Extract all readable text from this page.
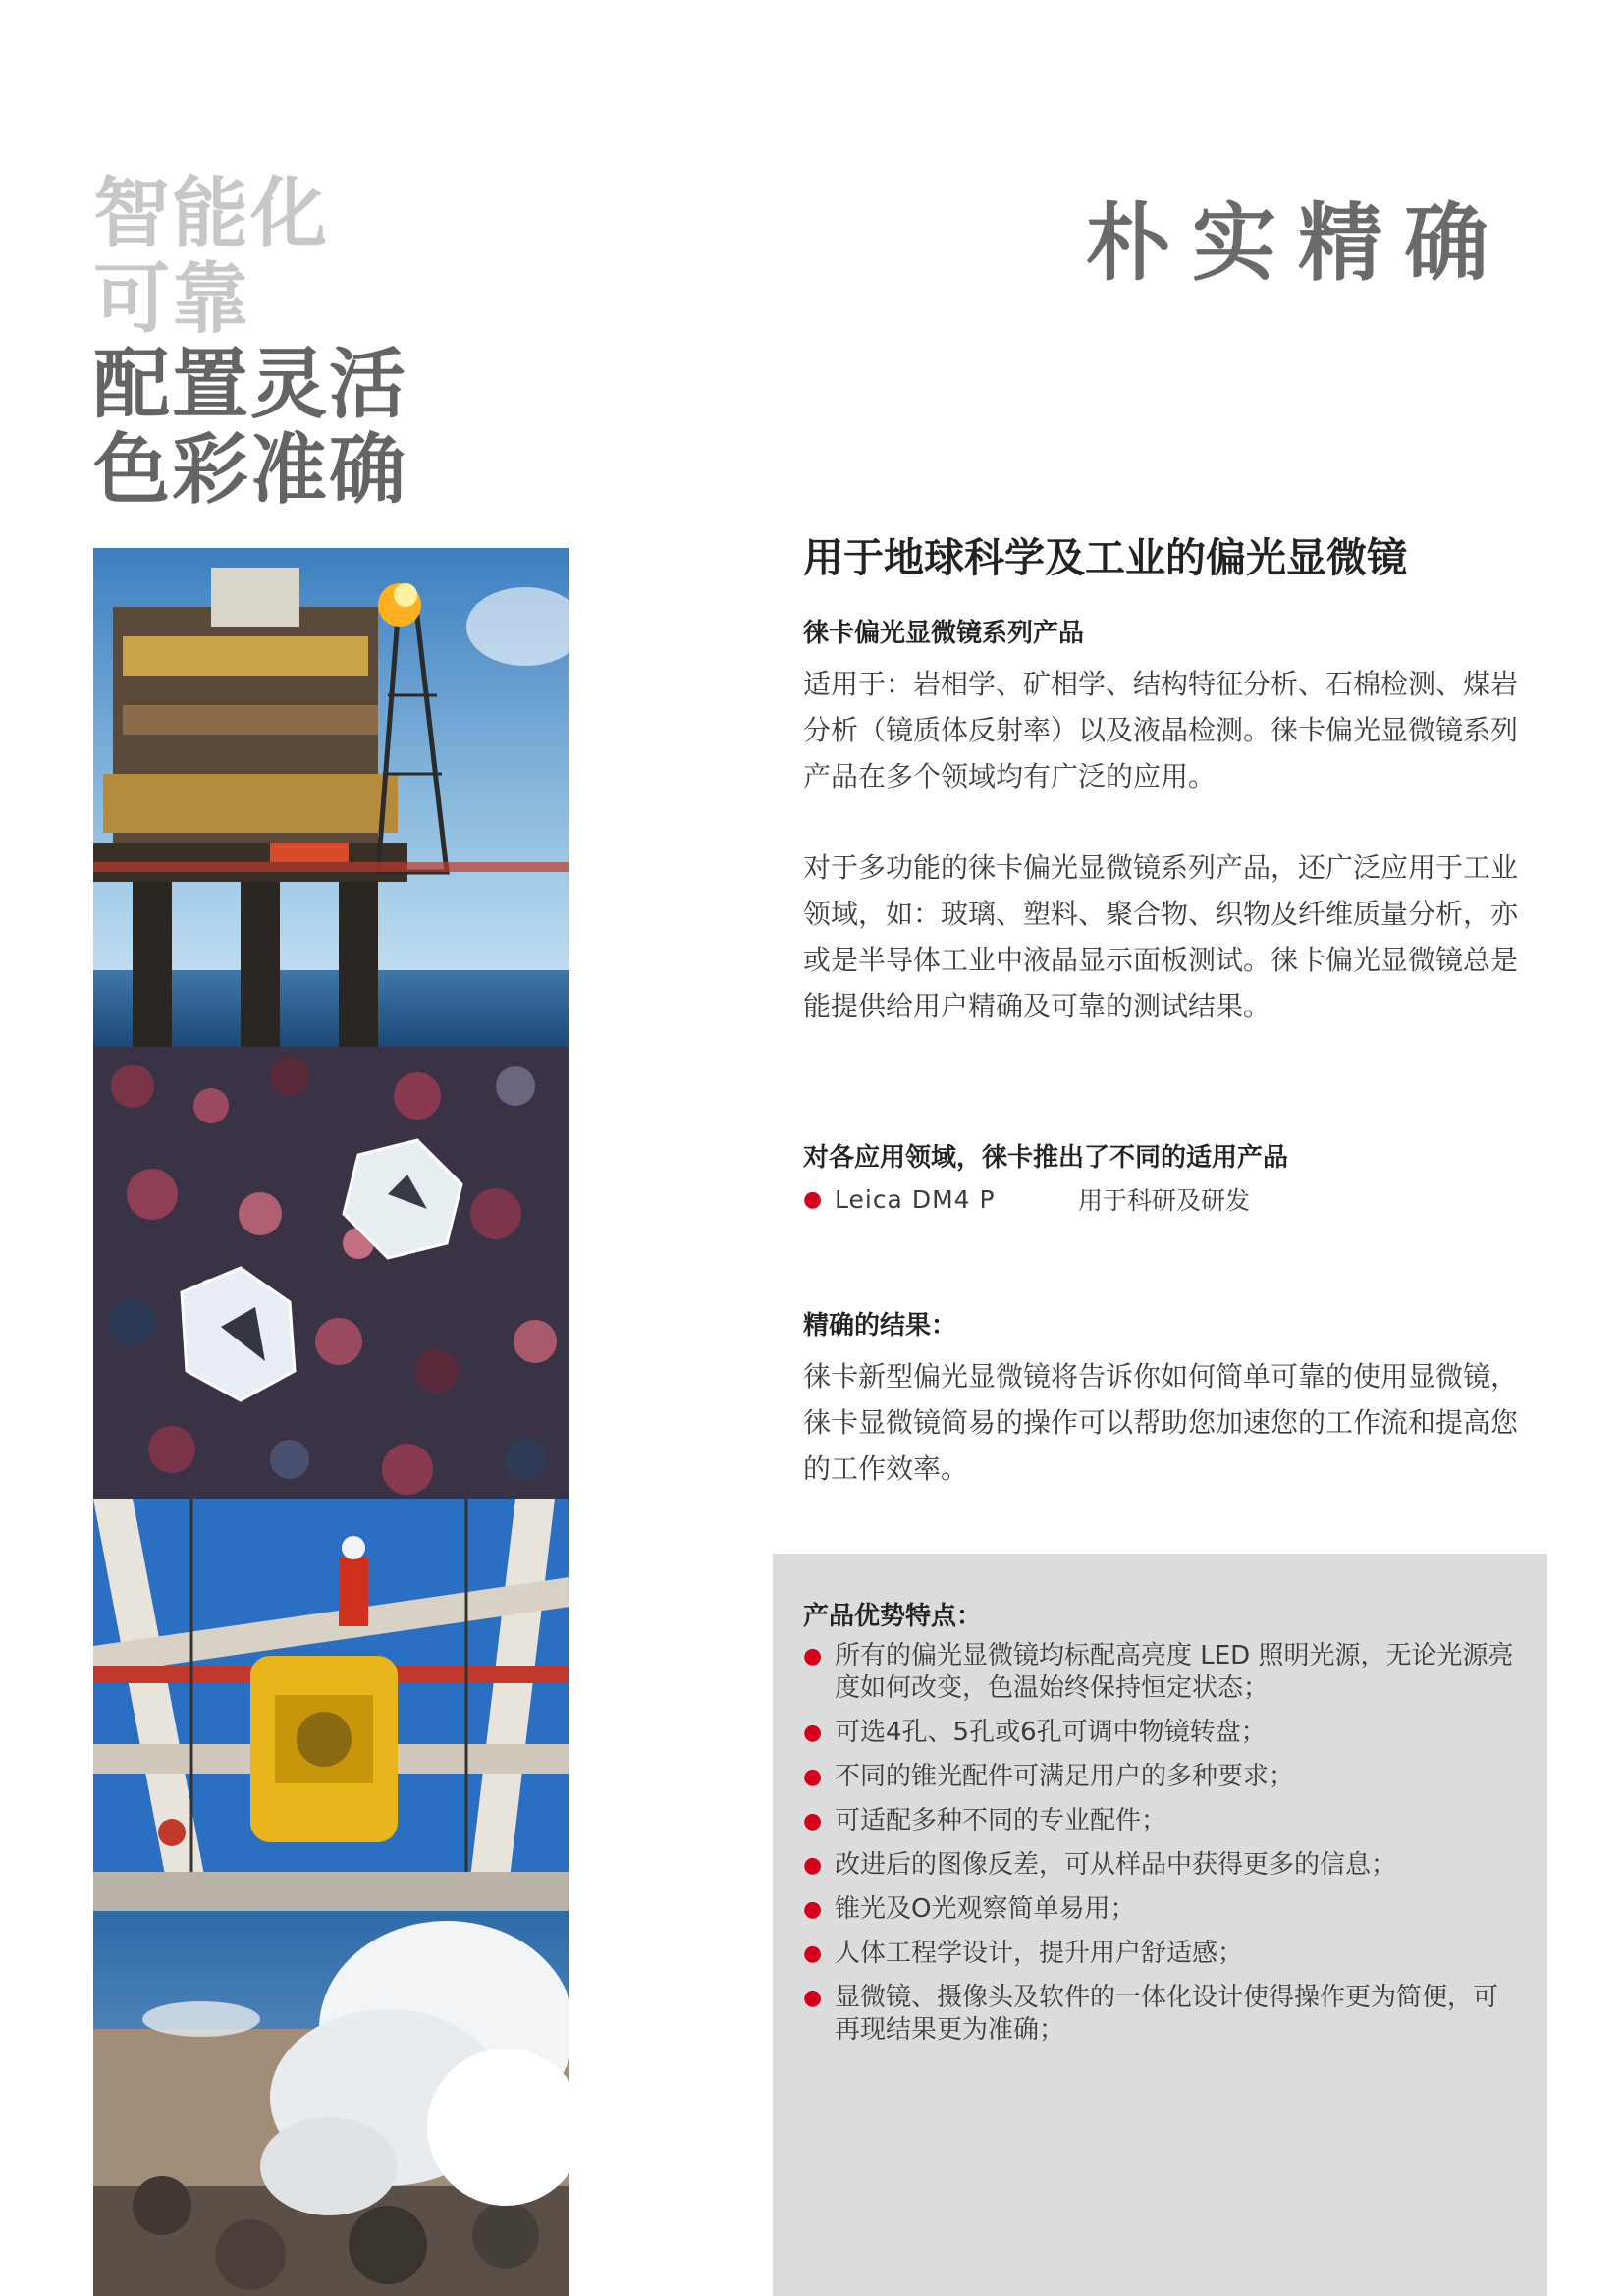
智能化
可靠
配置灵活
色彩准确
朴实精确
用于地球科学及工业的偏光显微镜

徕卡偏光显微镜系列产品

适用于：岩相学、矿相学、结构特征分析、石棉检测、煤岩分析（镜质体反射率）以及液晶检测。徕卡偏光显微镜系列产品在多个领域均有广泛的应用。

对于多功能的徕卡偏光显微镜系列产品，还广泛应用于工业领域，如：玻璃、塑料、聚合物、织物及纤维质量分析，亦或是半导体工业中液晶显示面板测试。徕卡偏光显微镜总是能提供给用户精确及可靠的测试结果。

对各应用领域，徕卡推出了不同的适用产品

● Leica DM4 P	用于科研及研发

精确的结果：

徕卡新型偏光显微镜将告诉你如何简单可靠的使用显微镜，徕卡显微镜简易的操作可以帮助您加速您的工作流和提高您的工作效率。

产品优势特点：

● 所有的偏光显微镜均标配高亮度 LED 照明光源，无论光源亮度如何改变，色温始终保持恒定状态；
● 可选4孔、5孔或6孔可调中物镜转盘；
● 不同的锥光配件可满足用户的多种要求；
● 可适配多种不同的专业配件；
● 改进后的图像反差，可从样品中获得更多的信息；
● 锥光及O光观察简单易用；
● 人体工程学设计，提升用户舒适感；
● 显微镜、摄像头及软件的一体化设计使得操作更为简便，可再现结果更为准确；
